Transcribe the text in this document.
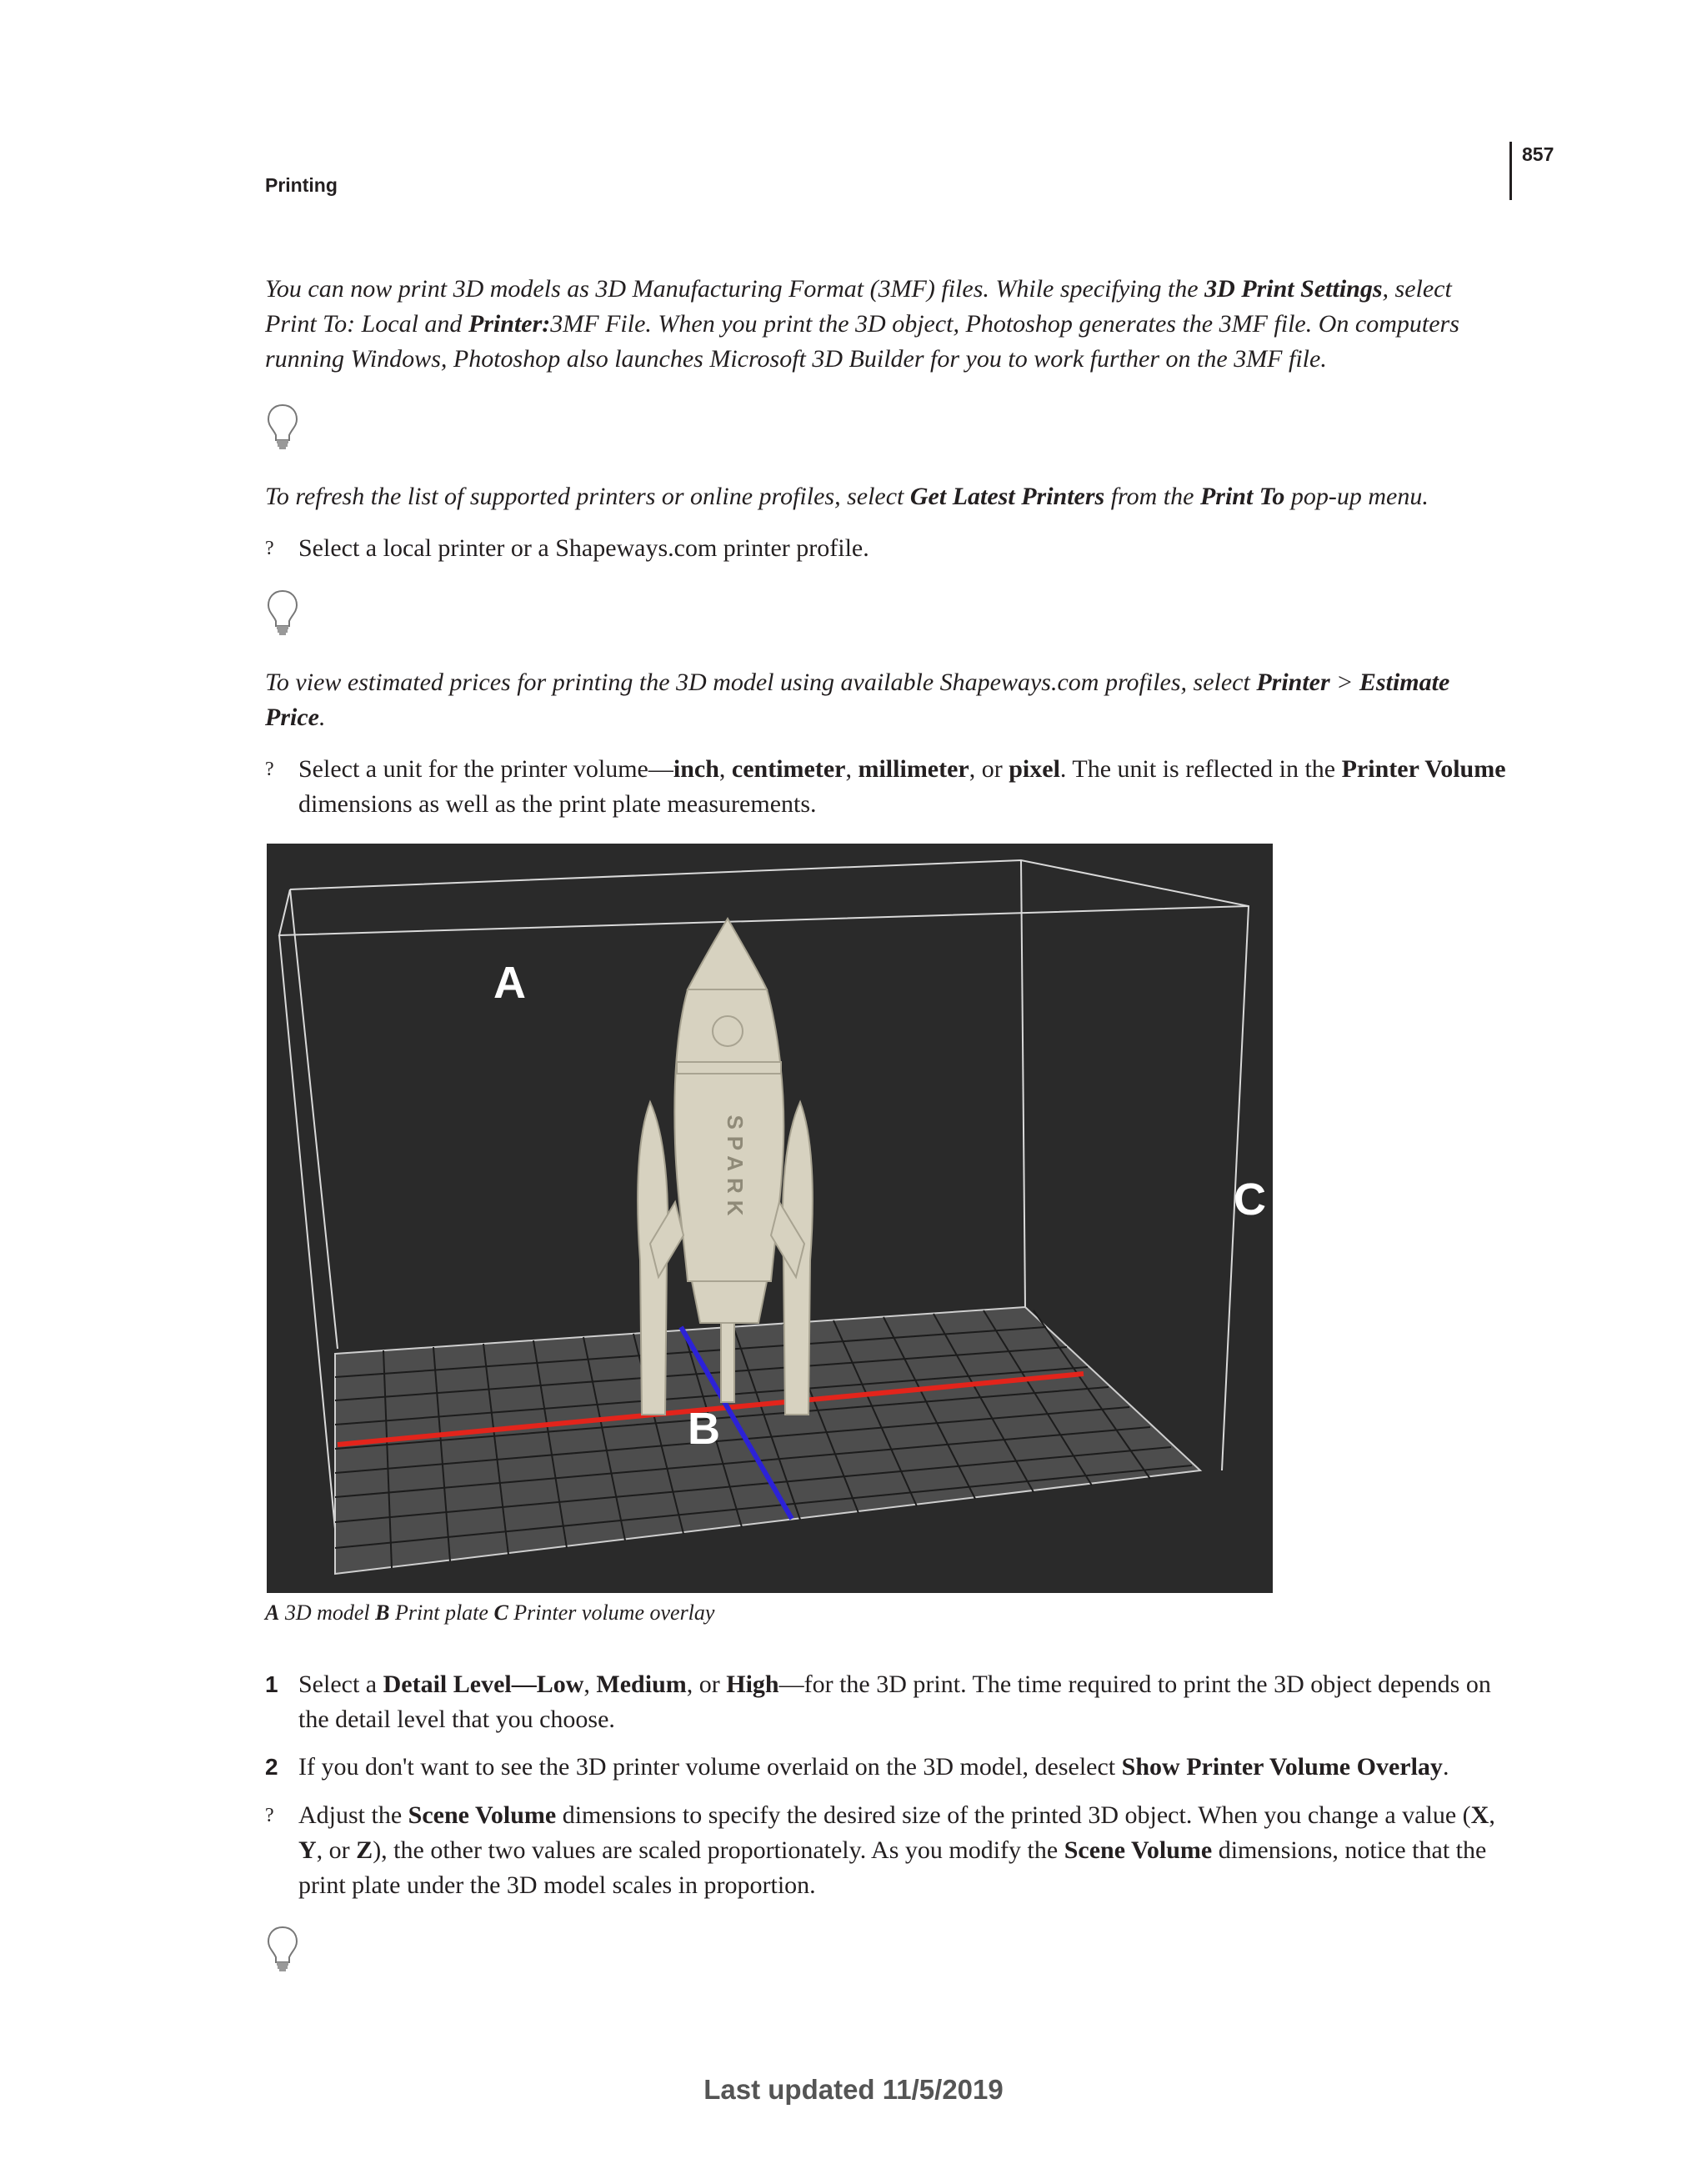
857
Printing

You can now print 3D models as 3D Manufacturing Format (3MF) files. While specifying the 3D Print Settings, select Print To: Local and Printer:3MF File. When you print the 3D object, Photoshop generates the 3MF file. On computers running Windows, Photoshop also launches Microsoft 3D Builder for you to work further on the 3MF file.

To refresh the list of supported printers or online profiles, select Get Latest Printers from the Print To pop-up menu.

? Select a local printer or a Shapeways.com printer profile.

To view estimated prices for printing the 3D model using available Shapeways.com profiles, select Printer > Estimate Price.

? Select a unit for the printer volume—inch, centimeter, millimeter, or pixel. The unit is reflected in the Printer Volume dimensions as well as the print plate measurements.
SPARK
A
C
B
A 3D model B Print plate C Printer volume overlay
1 Select a Detail Level—Low, Medium, or High—for the 3D print. The time required to print the 3D object depends on the detail level that you choose.
2 If you don't want to see the 3D printer volume overlaid on the 3D model, deselect Show Printer Volume Overlay.
? Adjust the Scene Volume dimensions to specify the desired size of the printed 3D object. When you change a value (X, Y, or Z), the other two values are scaled proportionately. As you modify the Scene Volume dimensions, notice that the print plate under the 3D model scales in proportion.
Last updated 11/5/2019
